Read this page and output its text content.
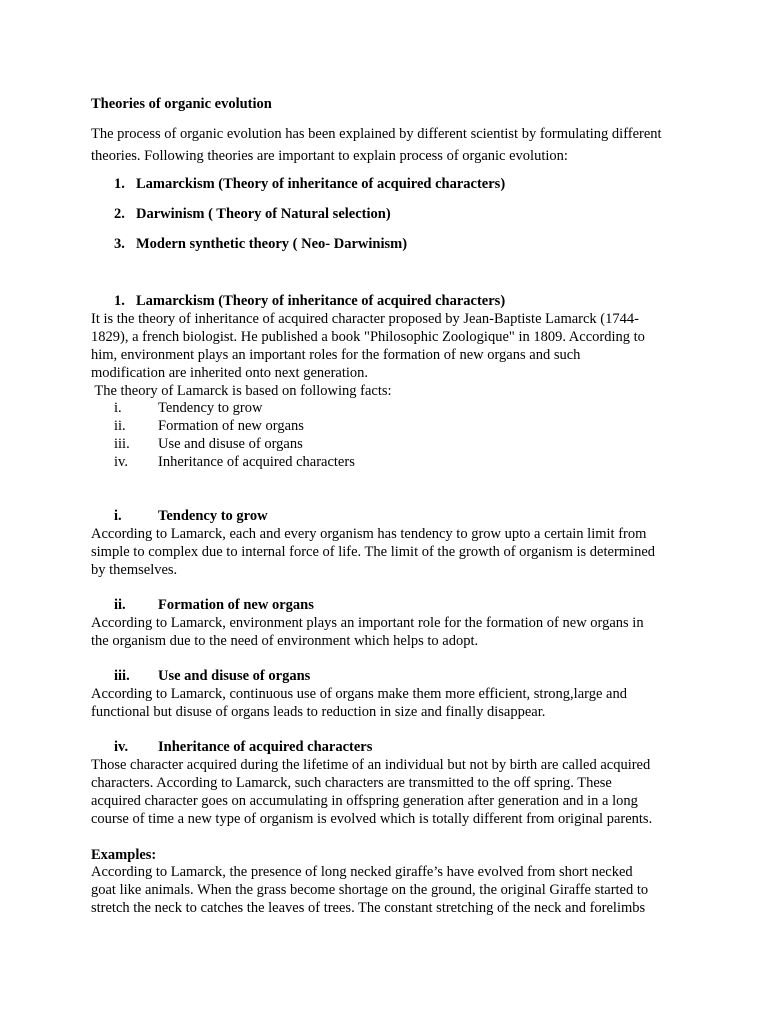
Theories of organic evolution
The process of organic evolution has been explained by different scientist by formulating different
theories. Following theories are important to explain process of organic evolution:
1. Lamarckism (Theory of inheritance of acquired characters)
2. Darwinism ( Theory of Natural selection)
3. Modern synthetic theory ( Neo- Darwinism)
1. Lamarckism (Theory of inheritance of acquired characters)
It is the theory of inheritance of acquired character proposed by Jean-Baptiste Lamarck (1744-
1829), a french biologist. He published a book "Philosophic Zoologique" in 1809. According to
him, environment plays an important roles for the formation of new organs and such
modification are inherited onto next generation.
The theory of Lamarck is based on following facts:
i.	Tendency to grow
ii. Formation of new organs
iii. Use and disuse of organs
iv. Inheritance of acquired characters
i.	Tendency to grow
According to Lamarck, each and every organism has tendency to grow upto a certain limit from
simple to complex due to internal force of life. The limit of the growth of organism is determined
by themselves.
ii. Formation of new organs
According to Lamarck, environment plays an important role for the formation of new organs in
the organism due to the need of environment which helps to adopt.
iii. Use and disuse of organs
According to Lamarck, continuous use of organs make them more efficient, strong,large and
functional but disuse of organs leads to reduction in size and finally disappear.
iv. Inheritance of acquired characters
Those character acquired during the lifetime of an individual but not by birth are called acquired
characters. According to Lamarck, such characters are transmitted to the off spring. These
acquired character goes on accumulating in offspring generation after generation and in a long
course of time a new type of organism is evolved which is totally different from original parents.
Examples:
According to Lamarck, the presence of long necked giraffe’s have evolved from short necked
goat like animals. When the grass become shortage on the ground, the original Giraffe started to
stretch the neck to catches the leaves of trees. The constant stretching of the neck and forelimbs
